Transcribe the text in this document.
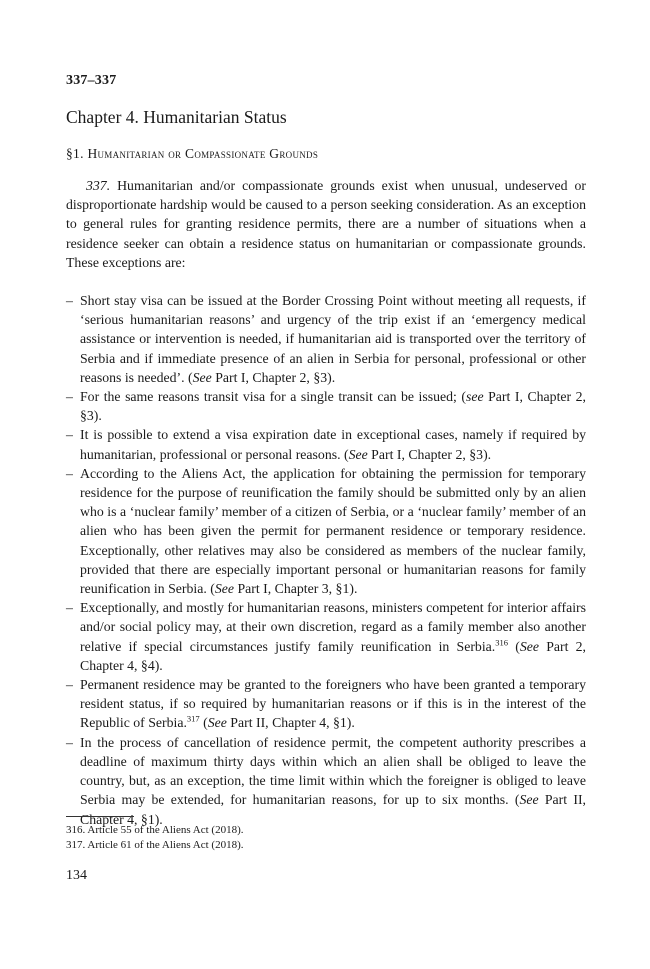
337–337
Chapter 4. Humanitarian Status
§1. Humanitarian or Compassionate Grounds

337. Humanitarian and/or compassionate grounds exist when unusual, undeserved or disproportionate hardship would be caused to a person seeking consideration. As an exception to general rules for granting residence permits, there are a number of situations when a residence seeker can obtain a residence status on humanitarian or compassionate grounds. These exceptions are:

– Short stay visa can be issued at the Border Crossing Point without meeting all requests, if ‘serious humanitarian reasons’ and urgency of the trip exist if an ‘emergency medical assistance or intervention is needed, if humanitarian aid is transported over the territory of Serbia and if immediate presence of an alien in Serbia for personal, professional or other reasons is needed’. (See Part I, Chapter 2, §3).
– For the same reasons transit visa for a single transit can be issued; (see Part I, Chapter 2, §3).
– It is possible to extend a visa expiration date in exceptional cases, namely if required by humanitarian, professional or personal reasons. (See Part I, Chapter 2, §3).
– According to the Aliens Act, the application for obtaining the permission for temporary residence for the purpose of reunification the family should be submitted only by an alien who is a ‘nuclear family’ member of a citizen of Serbia, or a ‘nuclear family’ member of an alien who has been given the permit for permanent residence or temporary residence. Exceptionally, other relatives may also be considered as members of the nuclear family, provided that there are especially important personal or humanitarian reasons for family reunification in Serbia. (See Part I, Chapter 3, §1).
– Exceptionally, and mostly for humanitarian reasons, ministers competent for interior affairs and/or social policy may, at their own discretion, regard as a family member also another relative if special circumstances justify family reunification in Serbia.$^{316}$ (See Part 2, Chapter 4, §4).
– Permanent residence may be granted to the foreigners who have been granted a temporary resident status, if so required by humanitarian reasons or if this is in the interest of the Republic of Serbia.$^{317}$ (See Part II, Chapter 4, §1).
– In the process of cancellation of residence permit, the competent authority prescribes a deadline of maximum thirty days within which an alien shall be obliged to leave the country, but, as an exception, the time limit within which the foreigner is obliged to leave Serbia may be extended, for humanitarian reasons, for up to six months. (See Part II, Chapter 4, §1).
316. Article 55 of the Aliens Act (2018).
317. Article 61 of the Aliens Act (2018).
134
